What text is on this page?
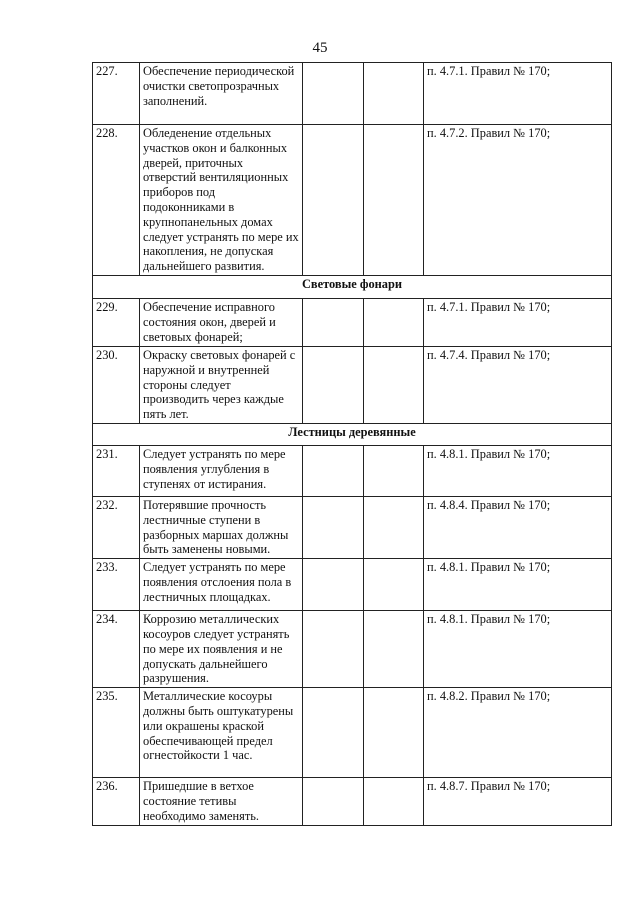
45
227.	Обеспечение периодической очистки светопрозрачных заполнений.			п. 4.7.1. Правил № 170;
228.	Обледенение отдельных участков окон и балконных дверей, приточных отверстий вентиляционных приборов под подоконниками в крупнопанельных домах следует устранять по мере их накопления, не допуская дальнейшего развития.			п. 4.7.2. Правил № 170;
Световые фонари				
229.	Обеспечение исправного состояния окон, дверей и световых фонарей;			п. 4.7.1. Правил № 170;
230.	Окраску световых фонарей с наружной и внутренней стороны следует производить через каждые пять лет.			п. 4.7.4. Правил № 170;
Лестницы деревянные				
231.	Следует устранять по мере появления углубления в ступенях от истирания.			п. 4.8.1. Правил № 170;
232.	Потерявшие прочность лестничные ступени в разборных маршах должны быть заменены новыми.			п. 4.8.4. Правил № 170;
233.	Следует устранять по мере появления отслоения пола в лестничных площадках.			п. 4.8.1. Правил № 170;
234.	Коррозию металлических косоуров следует устранять по мере их появления и не допускать дальнейшего разрушения.			п. 4.8.1. Правил № 170;
235.	Металлические косоуры должны быть оштукатурены или окрашены краской обеспечивающей предел огнестойкости 1 час.			п. 4.8.2. Правил № 170;
236.	Пришедшие в ветхое состояние тетивы необходимо заменять.			п. 4.8.7. Правил № 170;
